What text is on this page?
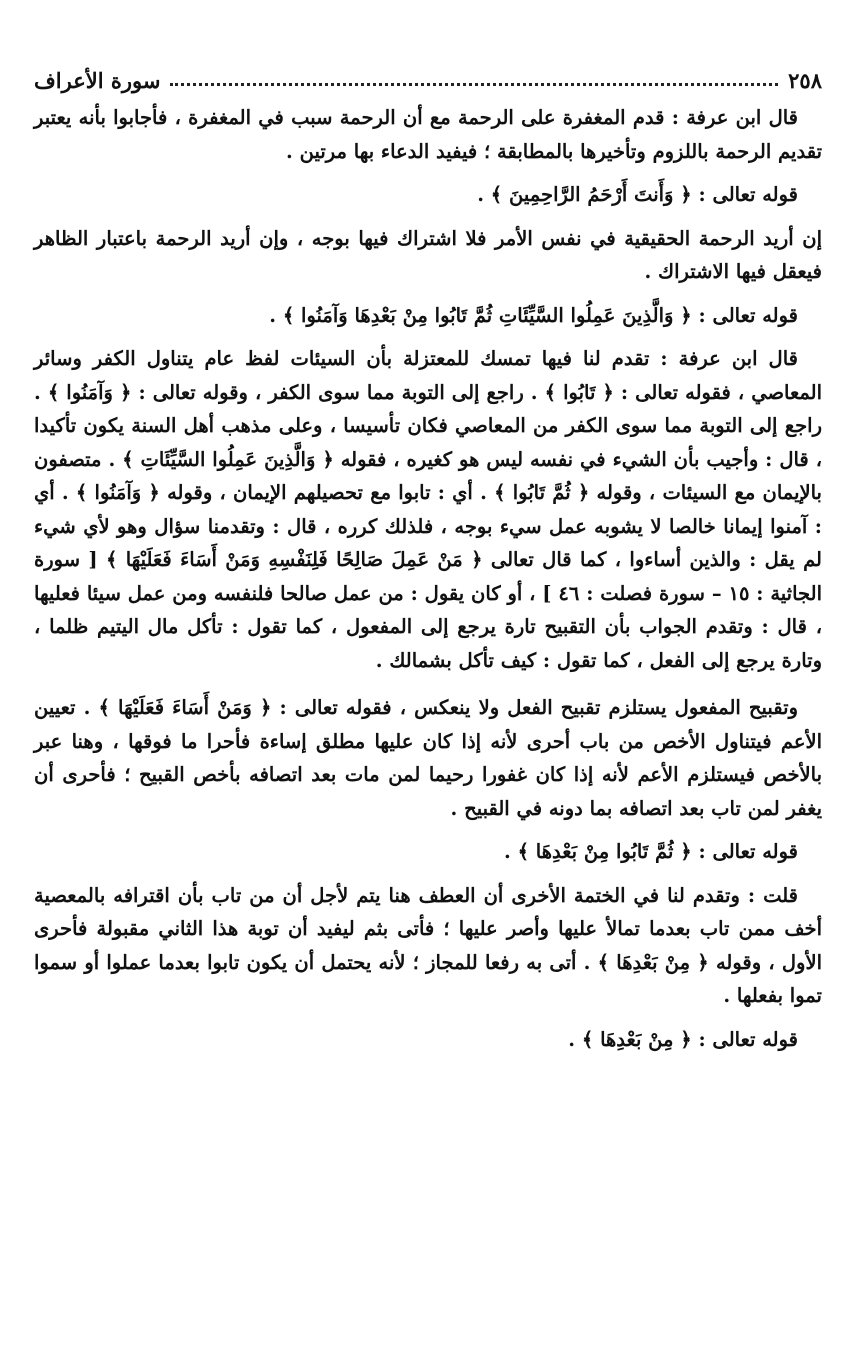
٢٥٨
سورة الأعراف

قال ابن عرفة : قدم المغفرة على الرحمة مع أن الرحمة سبب في المغفرة ، فأجابوا بأنه يعتبر تقديم الرحمة باللزوم وتأخيرها بالمطابقة ؛ فيفيد الدعاء بها مرتين .

قوله تعالى : ﴿ وَأَنتَ أَرْحَمُ الرَّاحِمِينَ ﴾ .

إن أريد الرحمة الحقيقية في نفس الأمر فلا اشتراك فيها بوجه ، وإن أريد الرحمة باعتبار الظاهر فيعقل فيها الاشتراك .

قوله تعالى : ﴿ وَالَّذِينَ عَمِلُوا السَّيِّئَاتِ ثُمَّ تَابُوا مِنْ بَعْدِهَا وَآمَنُوا ﴾ .

قال ابن عرفة : تقدم لنا فيها تمسك للمعتزلة بأن السيئات لفظ عام يتناول الكفر وسائر المعاصي ، فقوله تعالى : ﴿ تَابُوا ﴾ . راجع إلى التوبة مما سوى الكفر ، وقوله تعالى : ﴿ وَآمَنُوا ﴾ . راجع إلى التوبة مما سوى الكفر من المعاصي فكان تأسيسا ، وعلى مذهب أهل السنة يكون تأكيدا ، قال : وأجيب بأن الشيء في نفسه ليس هو كغيره ، فقوله ﴿ وَالَّذِينَ عَمِلُوا السَّيِّئَاتِ ﴾ . متصفون بالإيمان مع السيئات ، وقوله ﴿ ثُمَّ تَابُوا ﴾ . أي : تابوا مع تحصيلهم الإيمان ، وقوله ﴿ وَآمَنُوا ﴾ . أي : آمنوا إيمانا خالصا لا يشوبه عمل سيء بوجه ، فلذلك كرره ، قال : وتقدمنا سؤال وهو لأي شيء لم يقل : والذين أساءوا ، كما قال تعالى ﴿ مَنْ عَمِلَ صَالِحًا فَلِنَفْسِهِ وَمَنْ أَسَاءَ فَعَلَيْهَا ﴾ [ سورة الجاثية : ١٥ – سورة فصلت : ٤٦ ] ، أو كان يقول : من عمل صالحا فلنفسه ومن عمل سيئا فعليها ، قال : وتقدم الجواب بأن التقبيح تارة يرجع إلى المفعول ، كما تقول : تأكل مال اليتيم ظلما ، وتارة يرجع إلى الفعل ، كما تقول : كيف تأكل بشمالك .

وتقبيح المفعول يستلزم تقبيح الفعل ولا ينعكس ، فقوله تعالى : ﴿ وَمَنْ أَسَاءَ فَعَلَيْهَا ﴾ . تعيين الأعم فيتناول الأخص من باب أحرى لأنه إذا كان عليها مطلق إساءة فأحرا ما فوقها ، وهنا عبر بالأخص فيستلزم الأعم لأنه إذا كان غفورا رحيما لمن مات بعد اتصافه بأخص القبيح ؛ فأحرى أن يغفر لمن تاب بعد اتصافه بما دونه في القبيح .

قوله تعالى : ﴿ ثُمَّ تَابُوا مِنْ بَعْدِهَا ﴾ .

قلت : وتقدم لنا في الختمة الأخرى أن العطف هنا يتم لأجل أن من تاب بأن اقترافه بالمعصية أخف ممن تاب بعدما تمالأ عليها وأصر عليها ؛ فأتى بثم ليفيد أن توبة هذا الثاني مقبولة فأحرى الأول ، وقوله ﴿ مِنْ بَعْدِهَا ﴾ . أتى به رفعا للمجاز ؛ لأنه يحتمل أن يكون تابوا بعدما عملوا أو سموا تموا بفعلها .

قوله تعالى : ﴿ مِنْ بَعْدِهَا ﴾ .
